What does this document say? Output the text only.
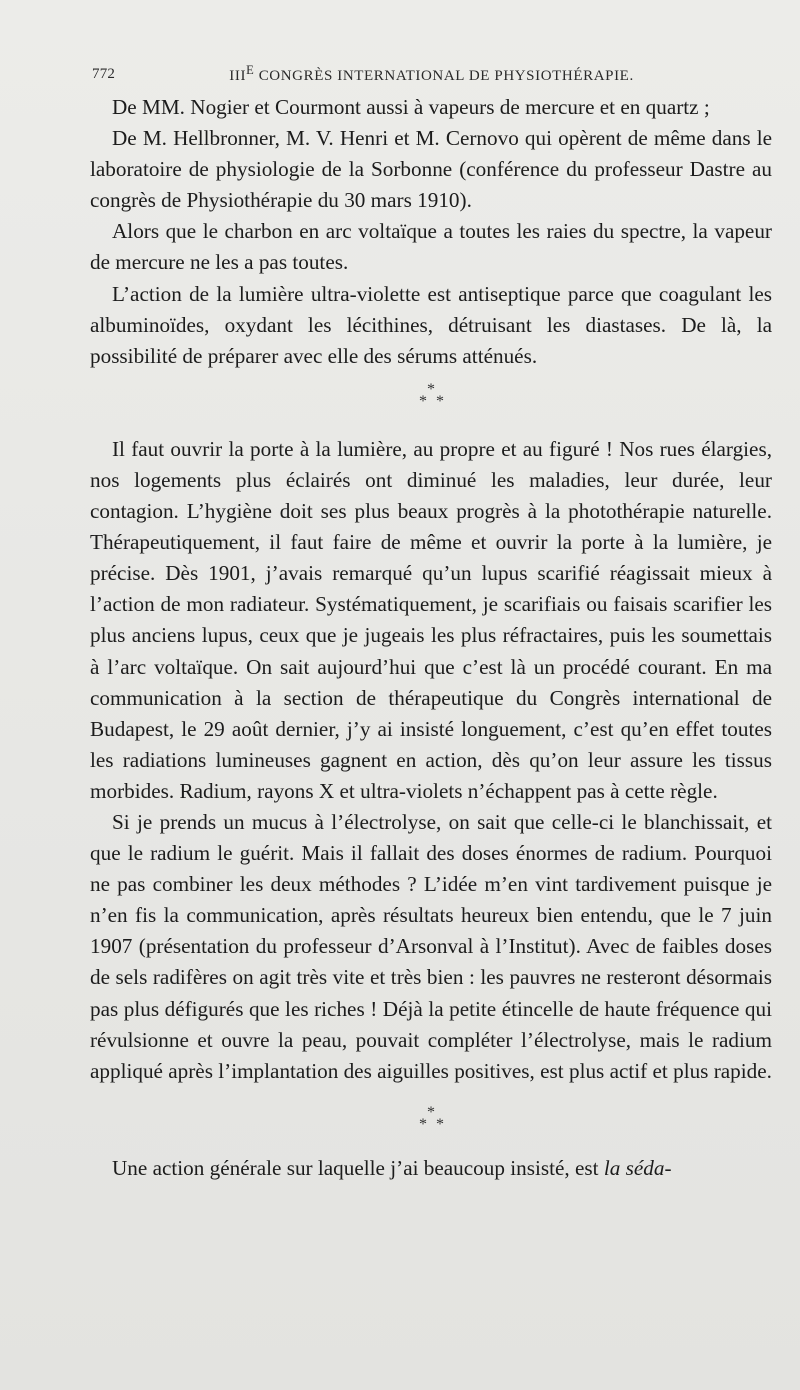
772	$III^E$ CONGRÈS INTERNATIONAL DE PHYSIOTHÉRAPIE.

De MM. Nogier et Courmont aussi à vapeurs de mercure et en quartz ;

De M. Hellbronner, M. V. Henri et M. Cernovo qui opèrent de même dans le laboratoire de physiologie de la Sorbonne (conférence du professeur Dastre au congrès de Physiothérapie du 30 mars 1910).

Alors que le charbon en arc voltaïque a toutes les raies du spectre, la vapeur de mercure ne les a pas toutes.

L’action de la lumière ultra-violette est antiseptique parce que coagulant les albuminoïdes, oxydant les lécithines, détruisant les diastases. De là, la possibilité de préparer avec elle des sérums atténués.

*
* *

Il faut ouvrir la porte à la lumière, au propre et au figuré ! Nos rues élargies, nos logements plus éclairés ont diminué les maladies, leur durée, leur contagion. L’hygiène doit ses plus beaux progrès à la photothérapie naturelle. Thérapeutiquement, il faut faire de même et ouvrir la porte à la lumière, je précise. Dès 1901, j’avais remarqué qu’un lupus scarifié réagissait mieux à l’action de mon radiateur. Systématiquement, je scarifiais ou faisais scarifier les plus anciens lupus, ceux que je jugeais les plus réfractaires, puis les soumettais à l’arc voltaïque. On sait aujourd’hui que c’est là un procédé courant. En ma communication à la section de thérapeutique du Congrès international de Budapest, le 29 août dernier, j’y ai insisté longuement, c’est qu’en effet toutes les radiations lumineuses gagnent en action, dès qu’on leur assure les tissus morbides. Radium, rayons X et ultra-violets n’échappent pas à cette règle.

Si je prends un mucus à l’électrolyse, on sait que celle-ci le blanchissait, et que le radium le guérit. Mais il fallait des doses énormes de radium. Pourquoi ne pas combiner les deux méthodes ? L’idée m’en vint tardivement puisque je n’en fis la communication, après résultats heureux bien entendu, que le 7 juin 1907 (présentation du professeur d’Arsonval à l’Institut). Avec de faibles doses de sels radifères on agit très vite et très bien : les pauvres ne resteront désormais pas plus défigurés que les riches ! Déjà la petite étincelle de haute fréquence qui révulsionne et ouvre la peau, pouvait compléter l’électrolyse, mais le radium appliqué après l’implantation des aiguilles positives, est plus actif et plus rapide.

*
* *

Une action générale sur laquelle j’ai beaucoup insisté, est la séda-
